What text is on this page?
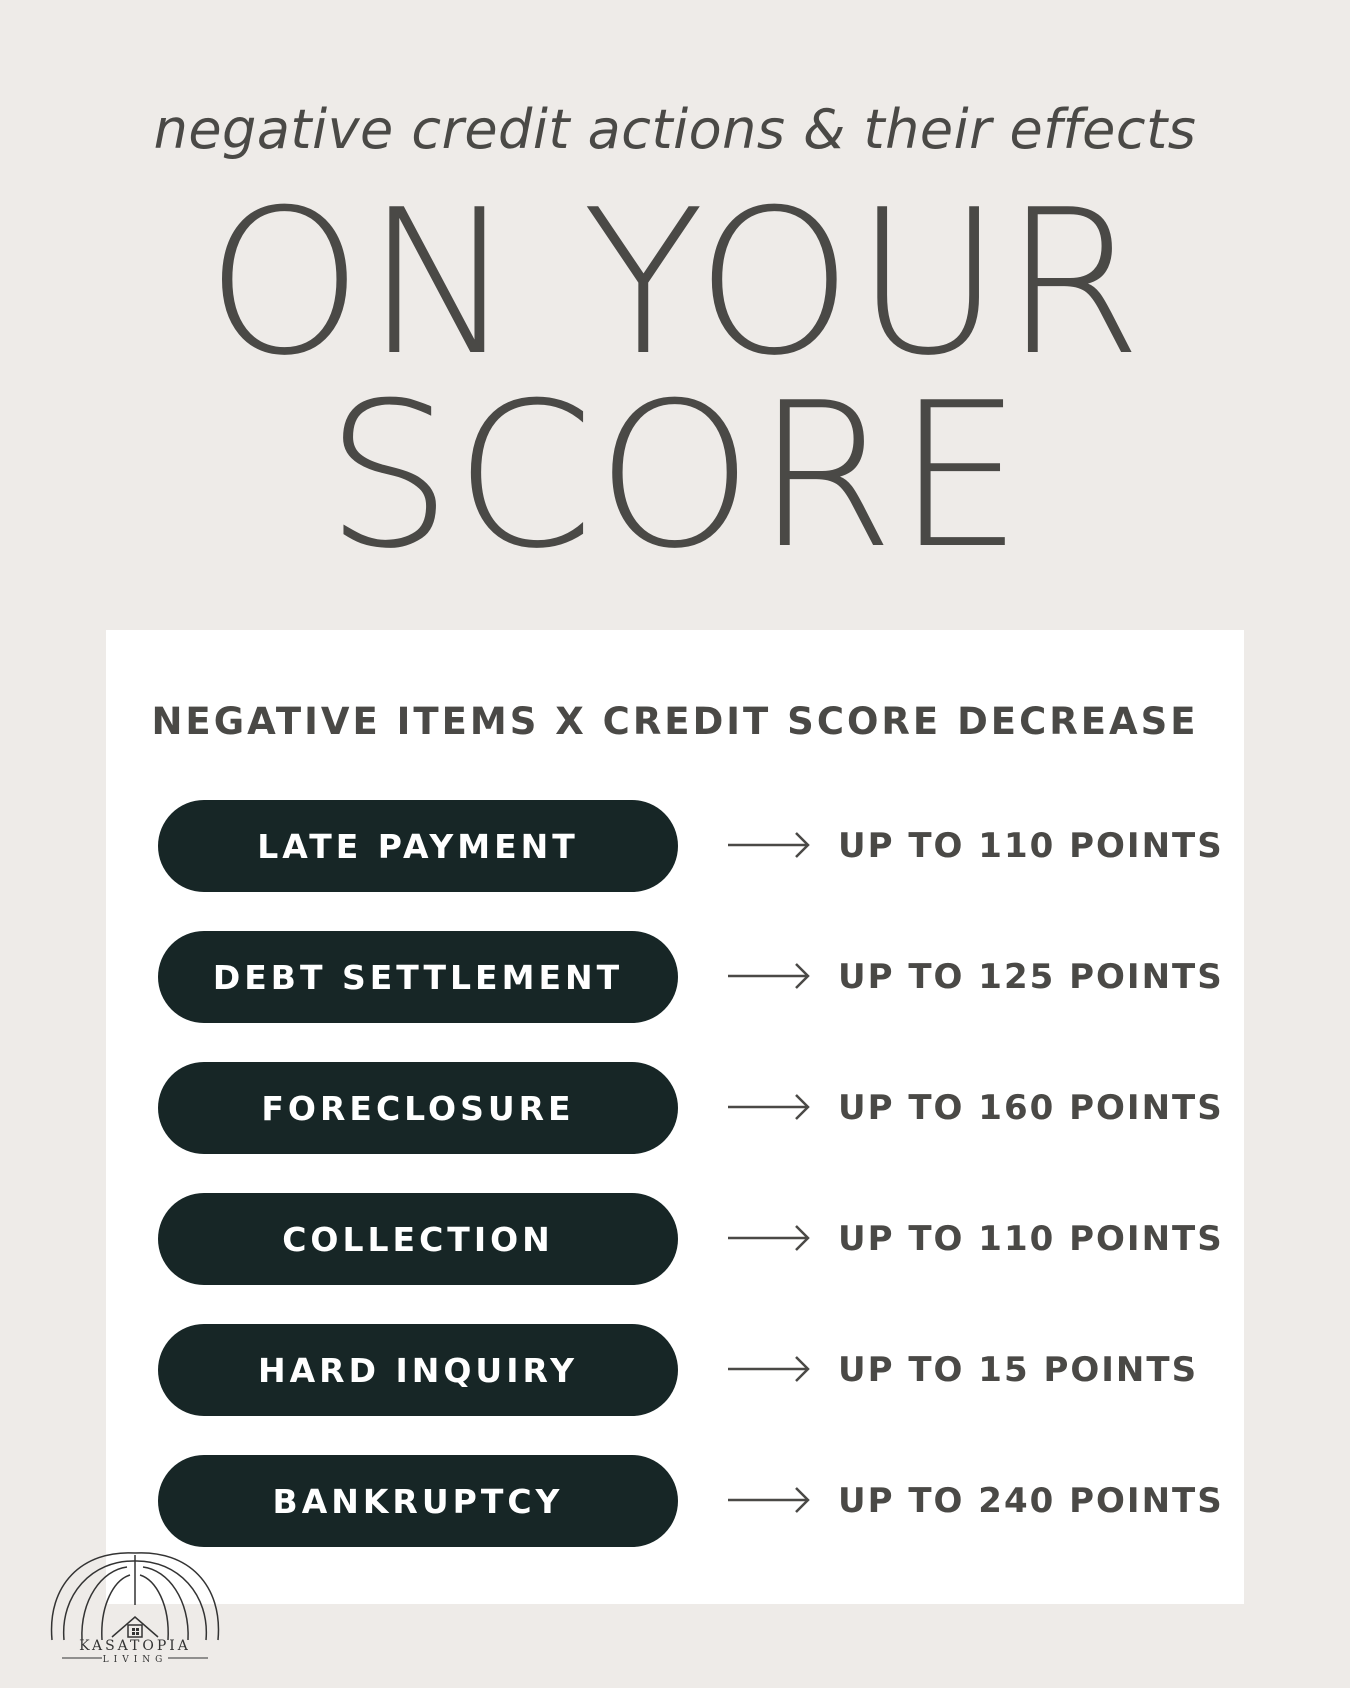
negative credit actions & their effects
ON YOUR
SCORE
NEGATIVE ITEMS X CREDIT SCORE DECREASE
LATE PAYMENT	UP TO 110 POINTS
DEBT SETTLEMENT	UP TO 125 POINTS
FORECLOSURE	UP TO 160 POINTS
COLLECTION	UP TO 110 POINTS
HARD INQUIRY	UP TO 15 POINTS
BANKRUPTCY	UP TO 240 POINTS
KASATOPIA
LIVING
